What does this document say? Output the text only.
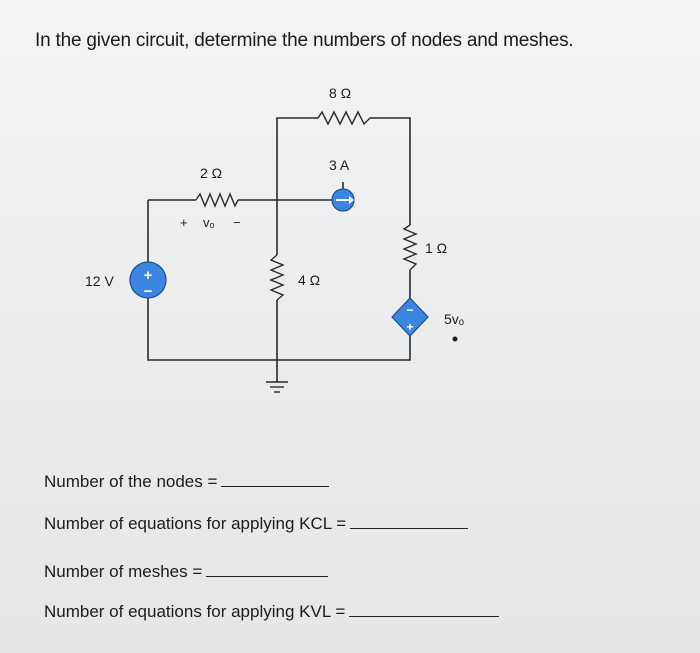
In the given circuit, determine the numbers of nodes and meshes.
8 Ω
2 Ω
+ vₒ −
3 A
1 Ω
+
−
12 V	4 Ω
−
+ 5vₒ
Number of the nodes =
Number of equations for applying KCL =
Number of meshes =
Number of equations for applying KVL =
